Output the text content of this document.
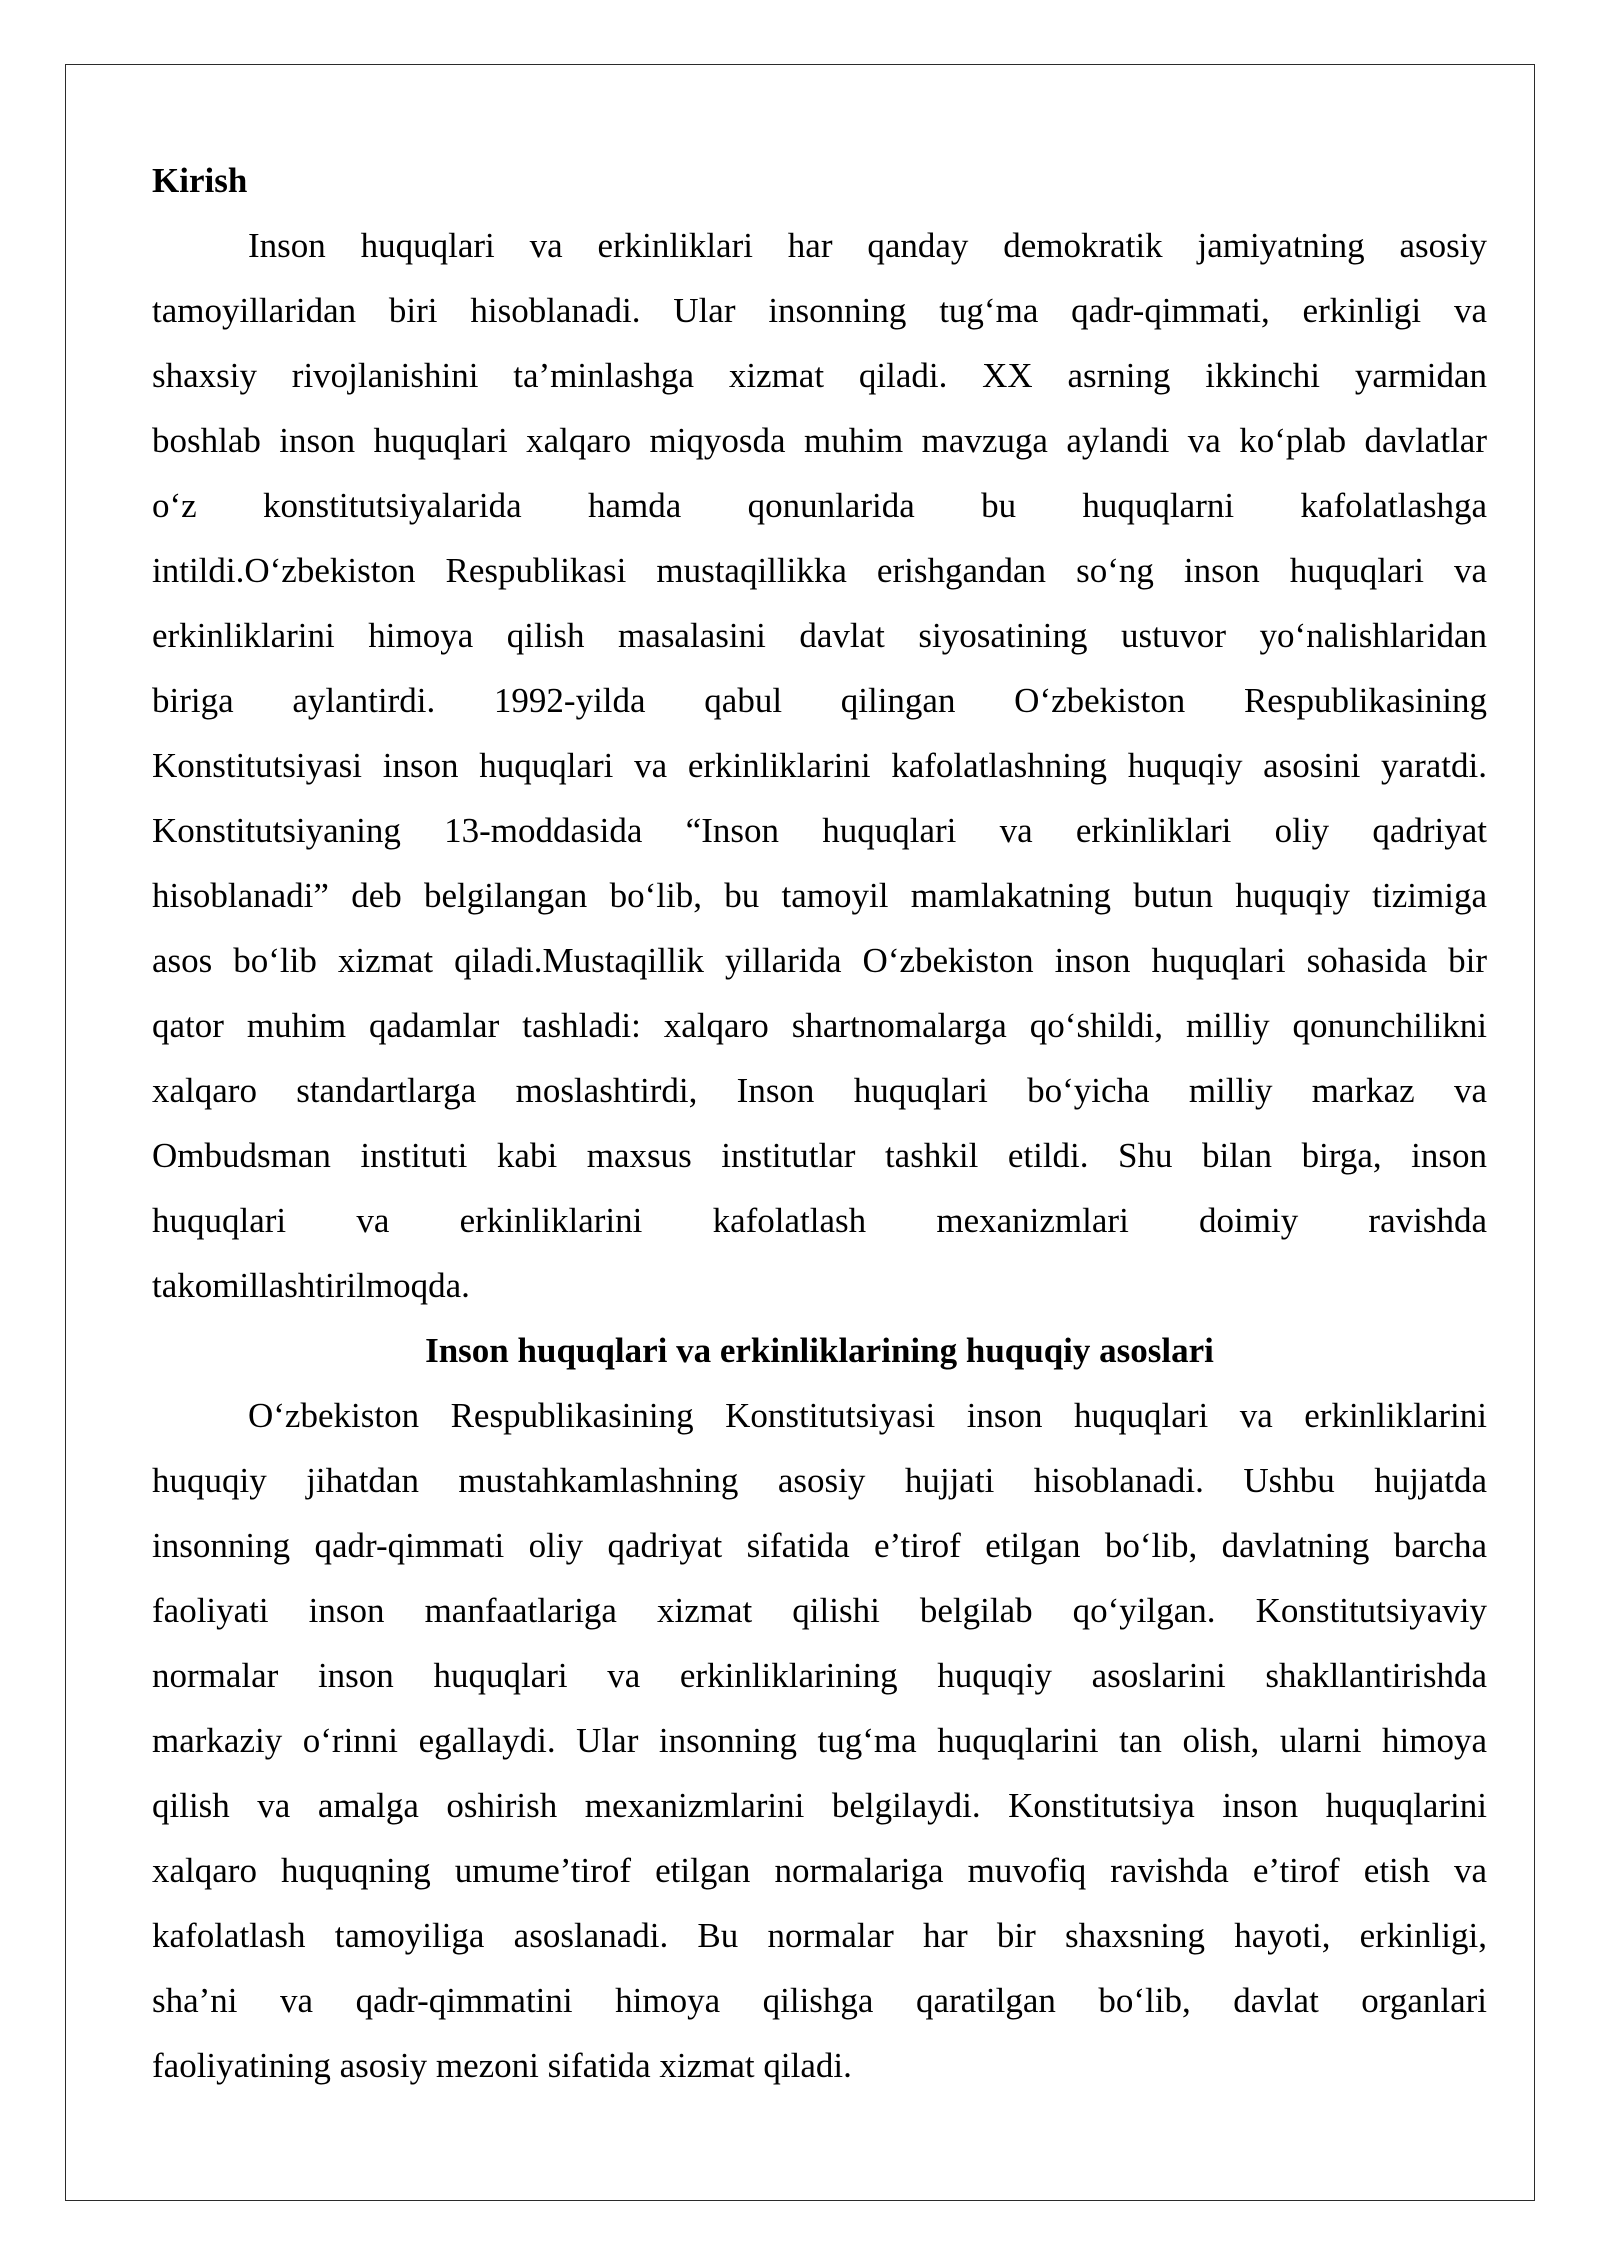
Kirish
Inson huquqlari va erkinliklari har qanday demokratik jamiyatning asosiy
tamoyillaridan biri hisoblanadi. Ular insonning tug‘ma qadr-qimmati, erkinligi va
shaxsiy rivojlanishini ta’minlashga xizmat qiladi. XX asrning ikkinchi yarmidan
boshlab inson huquqlari xalqaro miqyosda muhim mavzuga aylandi va ko‘plab davlatlar
o‘z konstitutsiyalarida hamda qonunlarida bu huquqlarni kafolatlashga
intildi.O‘zbekiston Respublikasi mustaqillikka erishgandan so‘ng inson huquqlari va
erkinliklarini himoya qilish masalasini davlat siyosatining ustuvor yo‘nalishlaridan
biriga aylantirdi. 1992-yilda qabul qilingan O‘zbekiston Respublikasining
Konstitutsiyasi inson huquqlari va erkinliklarini kafolatlashning huquqiy asosini yaratdi.
Konstitutsiyaning 13-moddasida “Inson huquqlari va erkinliklari oliy qadriyat
hisoblanadi” deb belgilangan bo‘lib, bu tamoyil mamlakatning butun huquqiy tizimiga
asos bo‘lib xizmat qiladi.Mustaqillik yillarida O‘zbekiston inson huquqlari sohasida bir
qator muhim qadamlar tashladi: xalqaro shartnomalarga qo‘shildi, milliy qonunchilikni
xalqaro standartlarga moslashtirdi, Inson huquqlari bo‘yicha milliy markaz va
Ombudsman instituti kabi maxsus institutlar tashkil etildi. Shu bilan birga, inson
huquqlari va erkinliklarini kafolatlash mexanizmlari doimiy ravishda
takomillashtirilmoqda.
Inson huquqlari va erkinliklarining huquqiy asoslari
O‘zbekiston Respublikasining Konstitutsiyasi inson huquqlari va erkinliklarini
huquqiy jihatdan mustahkamlashning asosiy hujjati hisoblanadi. Ushbu hujjatda
insonning qadr-qimmati oliy qadriyat sifatida e’tirof etilgan bo‘lib, davlatning barcha
faoliyati inson manfaatlariga xizmat qilishi belgilab qo‘yilgan. Konstitutsiyaviy
normalar inson huquqlari va erkinliklarining huquqiy asoslarini shakllantirishda
markaziy o‘rinni egallaydi. Ular insonning tug‘ma huquqlarini tan olish, ularni himoya
qilish va amalga oshirish mexanizmlarini belgilaydi. Konstitutsiya inson huquqlarini
xalqaro huquqning umume’tirof etilgan normalariga muvofiq ravishda e’tirof etish va
kafolatlash tamoyiliga asoslanadi. Bu normalar har bir shaxsning hayoti, erkinligi,
sha’ni va qadr-qimmatini himoya qilishga qaratilgan bo‘lib, davlat organlari
faoliyatining asosiy mezoni sifatida xizmat qiladi.
